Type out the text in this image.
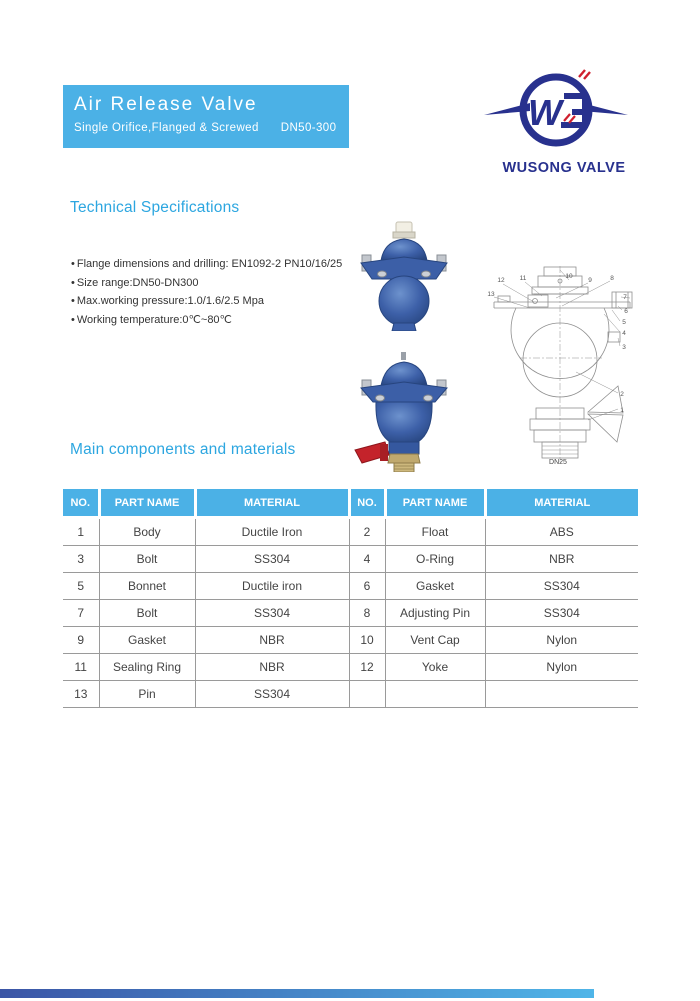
Air Release Valve
Single Orifice,Flanged & Screwed DN50-300	W
WUSONG VALVE
Technical Specifications
• Flange dimensions and drilling: EN1092-2 PN10/16/25
• Size range:DN50-DN300
• Max.working pressure:1.0/1.6/2.5 Mpa
• Working temperature:0℃~80℃
13
12 11	10
9	8
7
6
5
4
3
2
1
DN25
Main components and materials
NO.	PART NAME	MATERIAL	NO.	PART NAME	MATERIAL
1	Body	Ductile Iron	2	Float	ABS
3	Bolt	SS304	4	O-Ring	NBR
5	Bonnet	Ductile iron	6	Gasket	SS304
7	Bolt	SS304	8	Adjusting Pin	SS304
9	Gasket	NBR	10	Vent Cap	Nylon
11	Sealing Ring	NBR	12	Yoke	Nylon
13	Pin	SS304			
